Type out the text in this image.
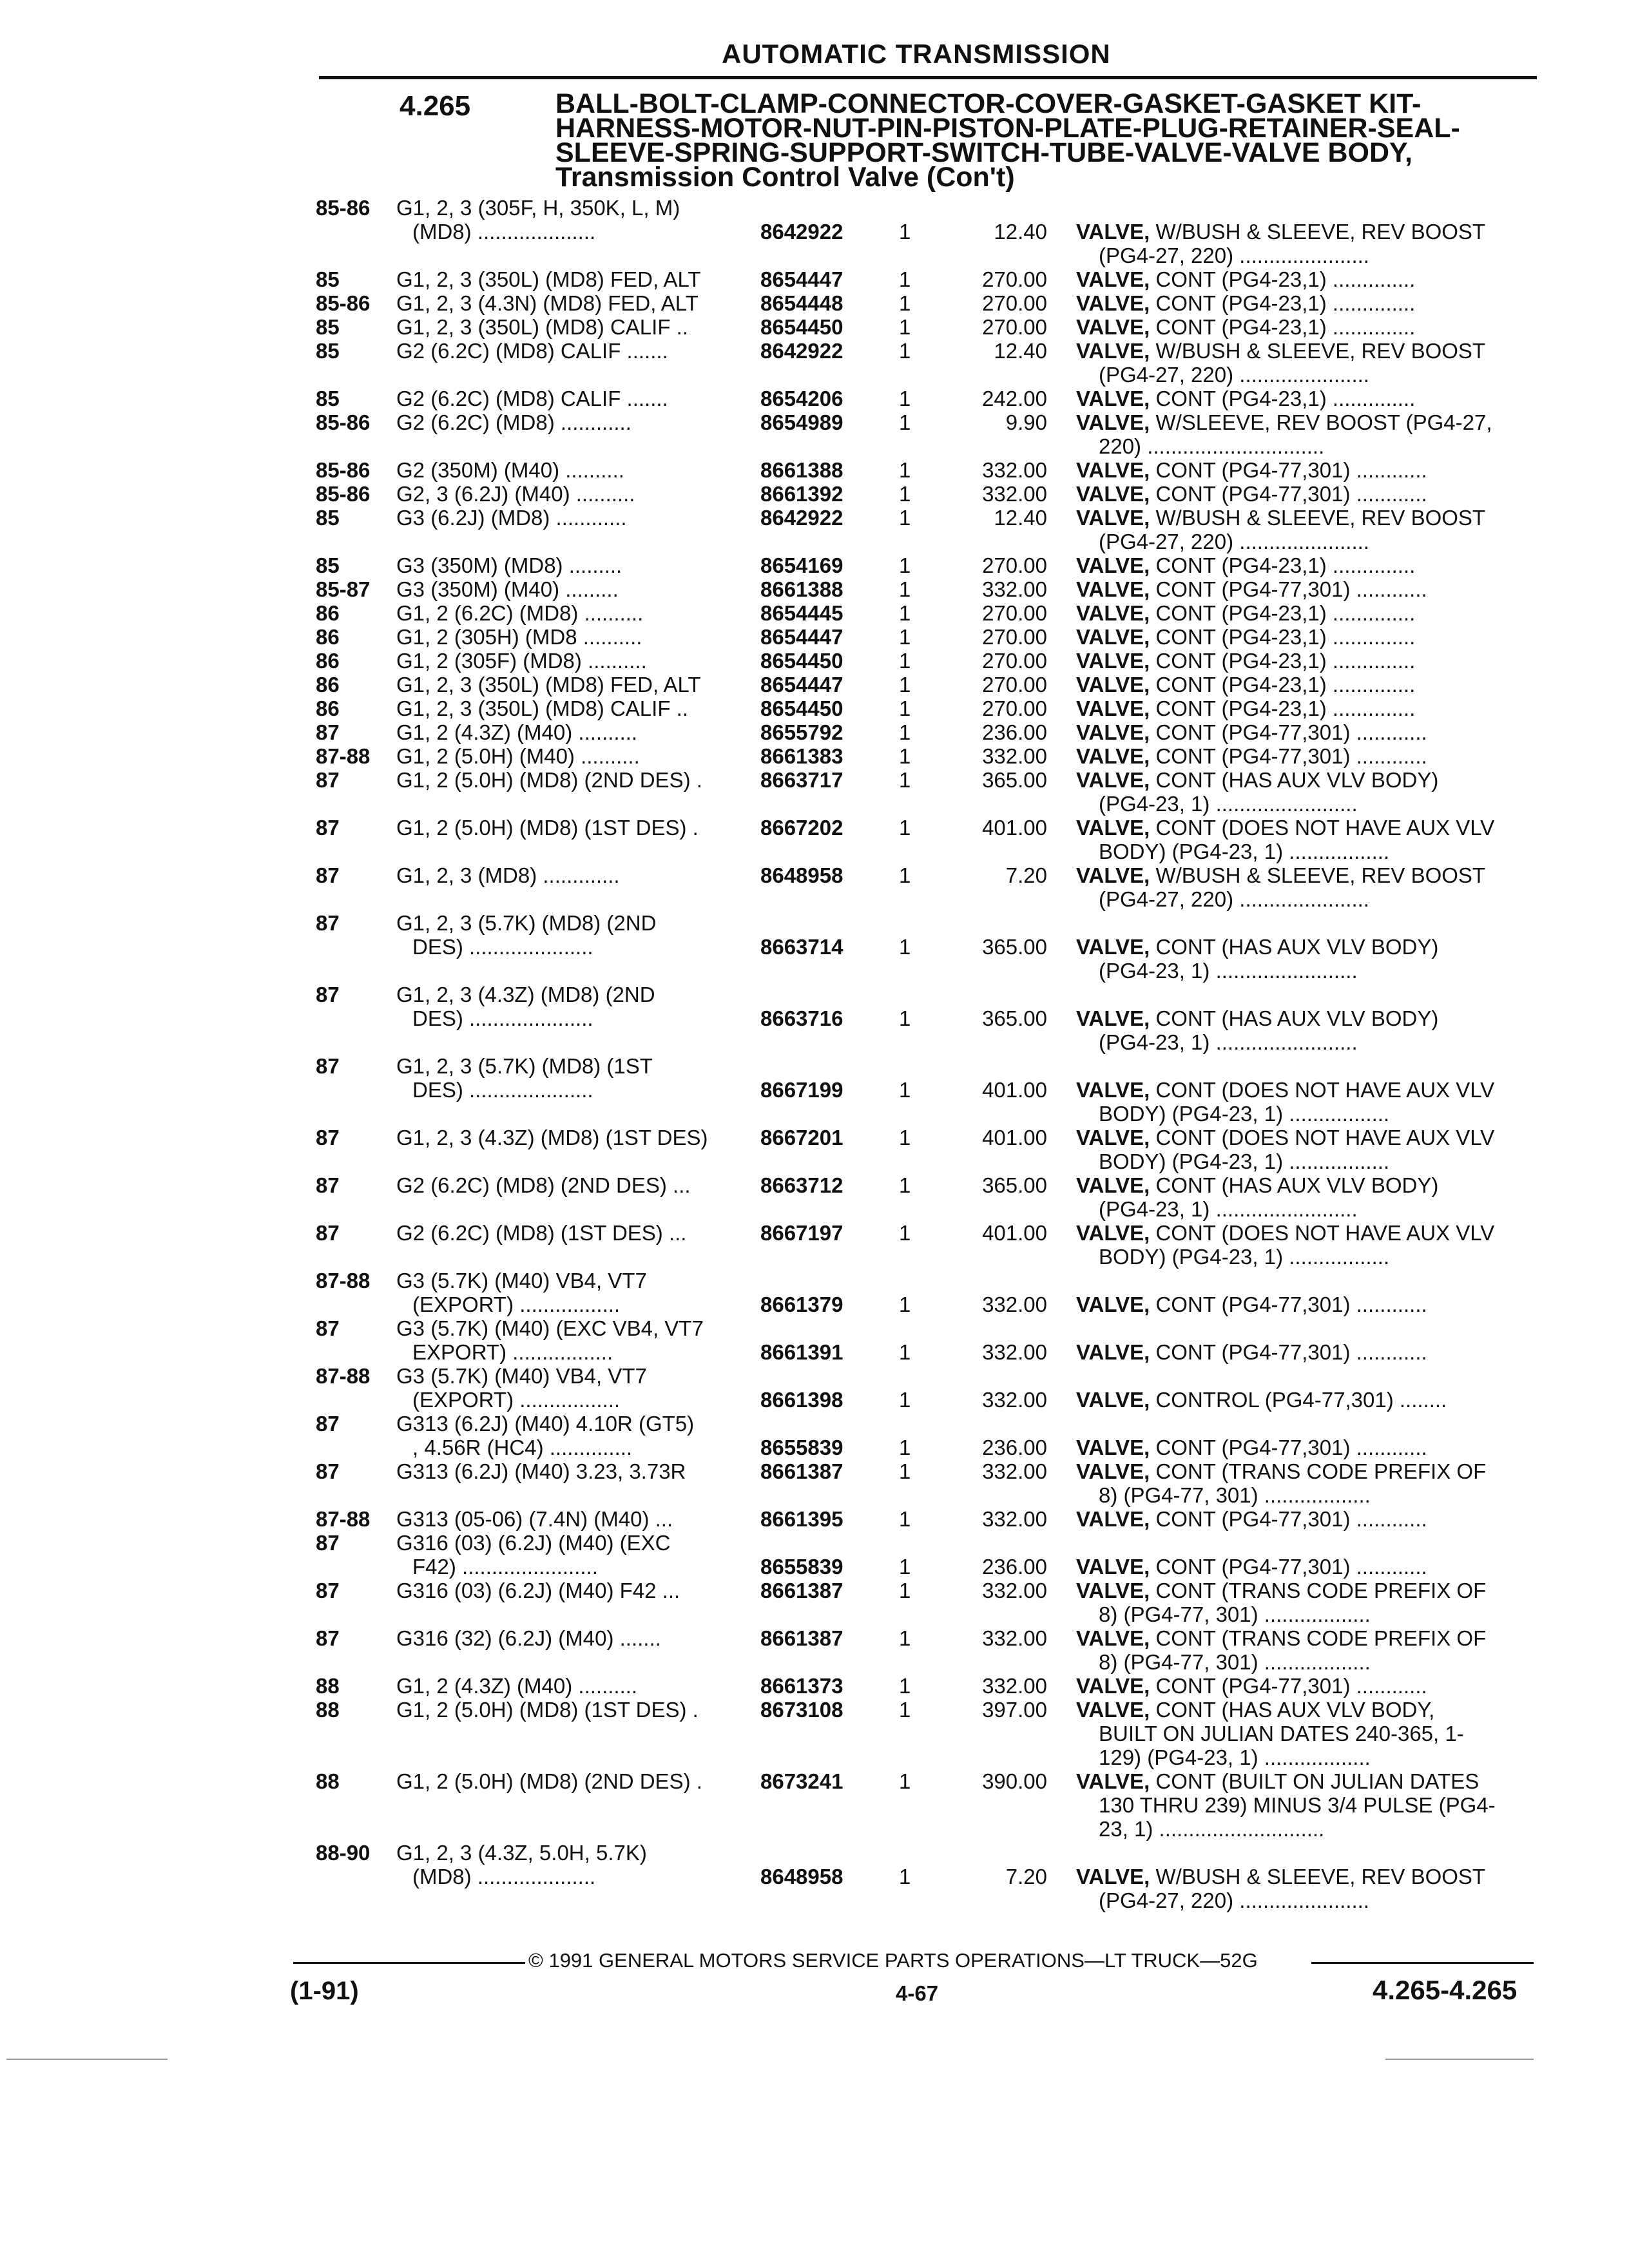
AUTOMATIC TRANSMISSION
4.265	BALL-BOLT-CLAMP-CONNECTOR-COVER-GASKET-GASKET KIT-HARNESS-MOTOR-NUT-PIN-PISTON-PLATE-PLUG-RETAINER-SEAL-SLEEVE-SPRING-SUPPORT-SWITCH-TUBE-VALVE-VALVE BODY, Transmission Control Valve (Con't)

85-86 G1, 2, 3 (305F, H, 350K, L, M)
(MD8) ....................	8642922	1	12.40 VALVE, W/BUSH & SLEEVE, REV BOOST
(PG4-27, 220) ......................
85	G1, 2, 3 (350L) (MD8) FED, ALT	8654447	1	270.00 VALVE, CONT (PG4-23,1) ..............
85-86 G1, 2, 3 (4.3N) (MD8) FED, ALT	8654448	1	270.00 VALVE, CONT (PG4-23,1) ..............
85	G1, 2, 3 (350L) (MD8) CALIF ..	8654450	1	270.00 VALVE, CONT (PG4-23,1) ..............
85	G2 (6.2C) (MD8) CALIF .......	8642922	1	12.40 VALVE, W/BUSH & SLEEVE, REV BOOST
(PG4-27, 220) ......................
85	G2 (6.2C) (MD8) CALIF .......	8654206	1	242.00 VALVE, CONT (PG4-23,1) ..............
85-86 G2 (6.2C) (MD8) ............	8654989	1	9.90 VALVE, W/SLEEVE, REV BOOST (PG4-27,
220) ..............................
85-86 G2 (350M) (M40) ..........	8661388	1	332.00 VALVE, CONT (PG4-77,301) ............
85-86 G2, 3 (6.2J) (M40) ..........	8661392	1	332.00 VALVE, CONT (PG4-77,301) ............
85	G3 (6.2J) (MD8) ............	8642922	1	12.40 VALVE, W/BUSH & SLEEVE, REV BOOST
(PG4-27, 220) ......................
85	G3 (350M) (MD8) .........	8654169	1	270.00 VALVE, CONT (PG4-23,1) ..............
85-87 G3 (350M) (M40) .........	8661388	1	332.00 VALVE, CONT (PG4-77,301) ............
86	G1, 2 (6.2C) (MD8) ..........	8654445	1	270.00 VALVE, CONT (PG4-23,1) ..............
86	G1, 2 (305H) (MD8 ..........	8654447	1	270.00 VALVE, CONT (PG4-23,1) ..............
86	G1, 2 (305F) (MD8) ..........	8654450	1	270.00 VALVE, CONT (PG4-23,1) ..............
86	G1, 2, 3 (350L) (MD8) FED, ALT	8654447	1	270.00 VALVE, CONT (PG4-23,1) ..............
86	G1, 2, 3 (350L) (MD8) CALIF ..	8654450	1	270.00 VALVE, CONT (PG4-23,1) ..............
87	G1, 2 (4.3Z) (M40) ..........	8655792	1	236.00 VALVE, CONT (PG4-77,301) ............
87-88 G1, 2 (5.0H) (M40) ..........	8661383	1	332.00 VALVE, CONT (PG4-77,301) ............
87	G1, 2 (5.0H) (MD8) (2ND DES) .	8663717	1	365.00 VALVE, CONT (HAS AUX VLV BODY)
(PG4-23, 1) ........................
87	G1, 2 (5.0H) (MD8) (1ST DES) .	8667202	1	401.00 VALVE, CONT (DOES NOT HAVE AUX VLV
BODY) (PG4-23, 1) .................
87	G1, 2, 3 (MD8) .............	8648958	1	7.20 VALVE, W/BUSH & SLEEVE, REV BOOST
(PG4-27, 220) ......................
87	G1, 2, 3 (5.7K) (MD8) (2ND
DES) .....................	8663714	1	365.00 VALVE, CONT (HAS AUX VLV BODY)
(PG4-23, 1) ........................
87	G1, 2, 3 (4.3Z) (MD8) (2ND
DES) .....................	8663716	1	365.00 VALVE, CONT (HAS AUX VLV BODY)
(PG4-23, 1) ........................
87	G1, 2, 3 (5.7K) (MD8) (1ST
DES) .....................	8667199	1	401.00 VALVE, CONT (DOES NOT HAVE AUX VLV
BODY) (PG4-23, 1) .................
87	G1, 2, 3 (4.3Z) (MD8) (1ST DES)	8667201	1	401.00 VALVE, CONT (DOES NOT HAVE AUX VLV
BODY) (PG4-23, 1) .................
87	G2 (6.2C) (MD8) (2ND DES) ...	8663712	1	365.00 VALVE, CONT (HAS AUX VLV BODY)
(PG4-23, 1) ........................
87	G2 (6.2C) (MD8) (1ST DES) ...	8667197	1	401.00 VALVE, CONT (DOES NOT HAVE AUX VLV
BODY) (PG4-23, 1) .................
87-88 G3 (5.7K) (M40) VB4, VT7
(EXPORT) .................	8661379	1	332.00 VALVE, CONT (PG4-77,301) ............
87	G3 (5.7K) (M40) (EXC VB4, VT7
EXPORT) .................	8661391	1	332.00 VALVE, CONT (PG4-77,301) ............
87-88 G3 (5.7K) (M40) VB4, VT7
(EXPORT) .................	8661398	1	332.00 VALVE, CONTROL (PG4-77,301) ........
87	G313 (6.2J) (M40) 4.10R (GT5)
, 4.56R (HC4) ..............	8655839	1	236.00 VALVE, CONT (PG4-77,301) ............
87	G313 (6.2J) (M40) 3.23, 3.73R	8661387	1	332.00 VALVE, CONT (TRANS CODE PREFIX OF
8) (PG4-77, 301) ..................
87-88 G313 (05-06) (7.4N) (M40) ...	8661395	1	332.00 VALVE, CONT (PG4-77,301) ............
87	G316 (03) (6.2J) (M40) (EXC
F42) .......................	8655839	1	236.00 VALVE, CONT (PG4-77,301) ............
87	G316 (03) (6.2J) (M40) F42 ...	8661387	1	332.00 VALVE, CONT (TRANS CODE PREFIX OF
8) (PG4-77, 301) ..................
87	G316 (32) (6.2J) (M40) .......	8661387	1	332.00 VALVE, CONT (TRANS CODE PREFIX OF
8) (PG4-77, 301) ..................
88	G1, 2 (4.3Z) (M40) ..........	8661373	1	332.00 VALVE, CONT (PG4-77,301) ............
88	G1, 2 (5.0H) (MD8) (1ST DES) .	8673108	1	397.00 VALVE, CONT (HAS AUX VLV BODY,
BUILT ON JULIAN DATES 240-365, 1-
129) (PG4-23, 1) ..................
88	G1, 2 (5.0H) (MD8) (2ND DES) .	8673241	1	390.00 VALVE, CONT (BUILT ON JULIAN DATES
130 THRU 239) MINUS 3/4 PULSE (PG4-
23, 1) ............................
88-90 G1, 2, 3 (4.3Z, 5.0H, 5.7K)
(MD8) ....................	8648958	1	7.20 VALVE, W/BUSH & SLEEVE, REV BOOST
(PG4-27, 220) ......................
© 1991 GENERAL MOTORS SERVICE PARTS OPERATIONS—LT TRUCK—52G
(1-91)	4-67	4.265-4.265
